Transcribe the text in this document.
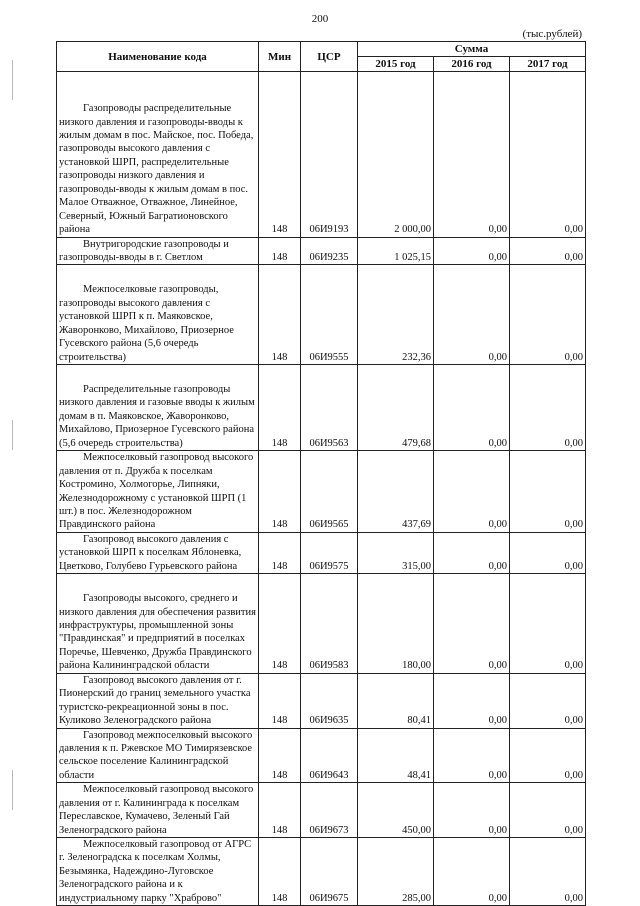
200
(тыс.рублей)
Наименование кода	Мин	ЦСР	Сумма		
			2015 год	2016 год	2017 год
Газопроводы распределительные низкого давления и газопроводы-вводы к жилым домам в пос. Майское, пос. Победа, газопроводы высокого давления с установкой ШРП, распределительные газопроводы низкого давления и газопроводы-вводы к жилым домам в пос. Малое Отважное, Отважное, Линейное, Северный, Южный Багратионовского района	148	06И9193	2 000,00	0,00	0,00
Внутригородские газопроводы и газопроводы-вводы в г. Светлом	148	06И9235	1 025,15	0,00	0,00
Межпоселковые газопроводы, газопроводы высокого давления с установкой ШРП к п. Маяковское, Жаворонково, Михайлово, Приозерное Гусевского района (5,6 очередь строительства)	148	06И9555	232,36	0,00	0,00
Распределительные газопроводы низкого давления и газовые вводы к жилым домам в п. Маяковское, Жаворонково, Михайлово, Приозерное Гусевского района (5,6 очередь строительства)	148	06И9563	479,68	0,00	0,00
Межпоселковый газопровод высокого давления от п. Дружба к поселкам Костромино, Холмогорье, Липняки, Железнодорожному с установкой ШРП (1 шт.) в пос. Железнодорожном Правдинского района	148	06И9565	437,69	0,00	0,00
Газопровод высокого давления с установкой ШРП к поселкам Яблоневка, Цветково, Голубево Гурьевского района	148	06И9575	315,00	0,00	0,00
Газопроводы высокого, среднего и низкого давления для обеспечения развития инфраструктуры, промышленной зоны "Правдинская" и предприятий в поселках Поречье, Шевченко, Дружба Правдинского района Калининградской области	148	06И9583	180,00	0,00	0,00
Газопровод высокого давления от г. Пионерский до границ земельного участка туристско-рекреационной зоны в пос. Куликово Зеленоградского района	148	06И9635	80,41	0,00	0,00
Газопровод межпоселковый высокого давления к п. Ржевское МО Тимирязевское сельское поселение Калининградской области	148	06И9643	48,41	0,00	0,00
Межпоселковый газопровод высокого давления от г. Калининграда к поселкам Переславское, Кумачево, Зеленый Гай Зеленоградского района	148	06И9673	450,00	0,00	0,00
Межпоселковый газопровод от АГРС г. Зеленоградска к поселкам Холмы, Безымянка, Надеждино-Луговское Зеленоградского района и к индустриальному парку "Храброво"	148	06И9675	285,00	0,00	0,00
